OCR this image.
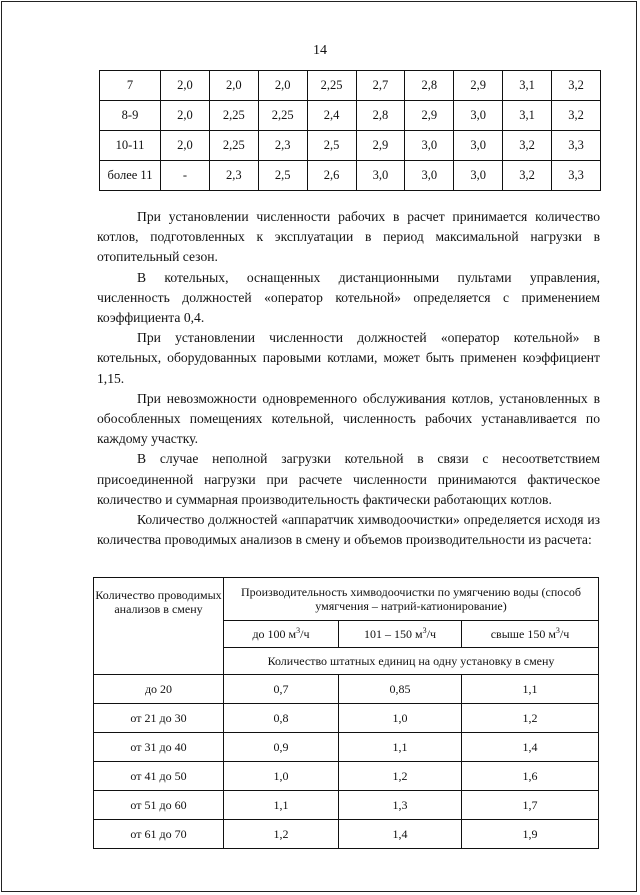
14
7	2,0	2,0	2,0	2,25	2,7	2,8	2,9	3,1	3,2
8-9	2,0	2,25	2,25	2,4	2,8	2,9	3,0	3,1	3,2
10-11	2,0	2,25	2,3	2,5	2,9	3,0	3,0	3,2	3,3
более 11	-	2,3	2,5	2,6	3,0	3,0	3,0	3,2	3,3

При установлении численности рабочих в расчет принимается количество котлов, подготовленных к эксплуатации в период максимальной нагрузки в отопительный сезон.

В котельных, оснащенных дистанционными пультами управления, численность должностей «оператор котельной» определяется с применением коэффициента 0,4.

При установлении численности должностей «оператор котельной» в котельных, оборудованных паровыми котлами, может быть применен коэффициент 1,15.

При невозможности одновременного обслуживания котлов, установленных в обособленных помещениях котельной, численность рабочих устанавливается по каждому участку.

В случае неполной загрузки котельной в связи с несоответствием присоединенной нагрузки при расчете численности принимаются фактическое количество и суммарная производительность фактически работающих котлов.

Количество должностей «аппаратчик химводоочистки» определяется исходя из количества проводимых анализов в смену и объемов производительности из расчета:

Количество проводимых анализов в смену	Производительность химводоочистки по умягчению воды (способ умягчения – натрий-катионирование)		
	до 100 $м^3/ч$	101 – 150 $м^3/ч$	свыше 150 $м^3/ч$
	Количество штатных единиц на одну установку в смену		
до 20	0,7	0,85	1,1
от 21 до 30	0,8	1,0	1,2
от 31 до 40	0,9	1,1	1,4
от 41 до 50	1,0	1,2	1,6
от 51 до 60	1,1	1,3	1,7
от 61 до 70	1,2	1,4	1,9
